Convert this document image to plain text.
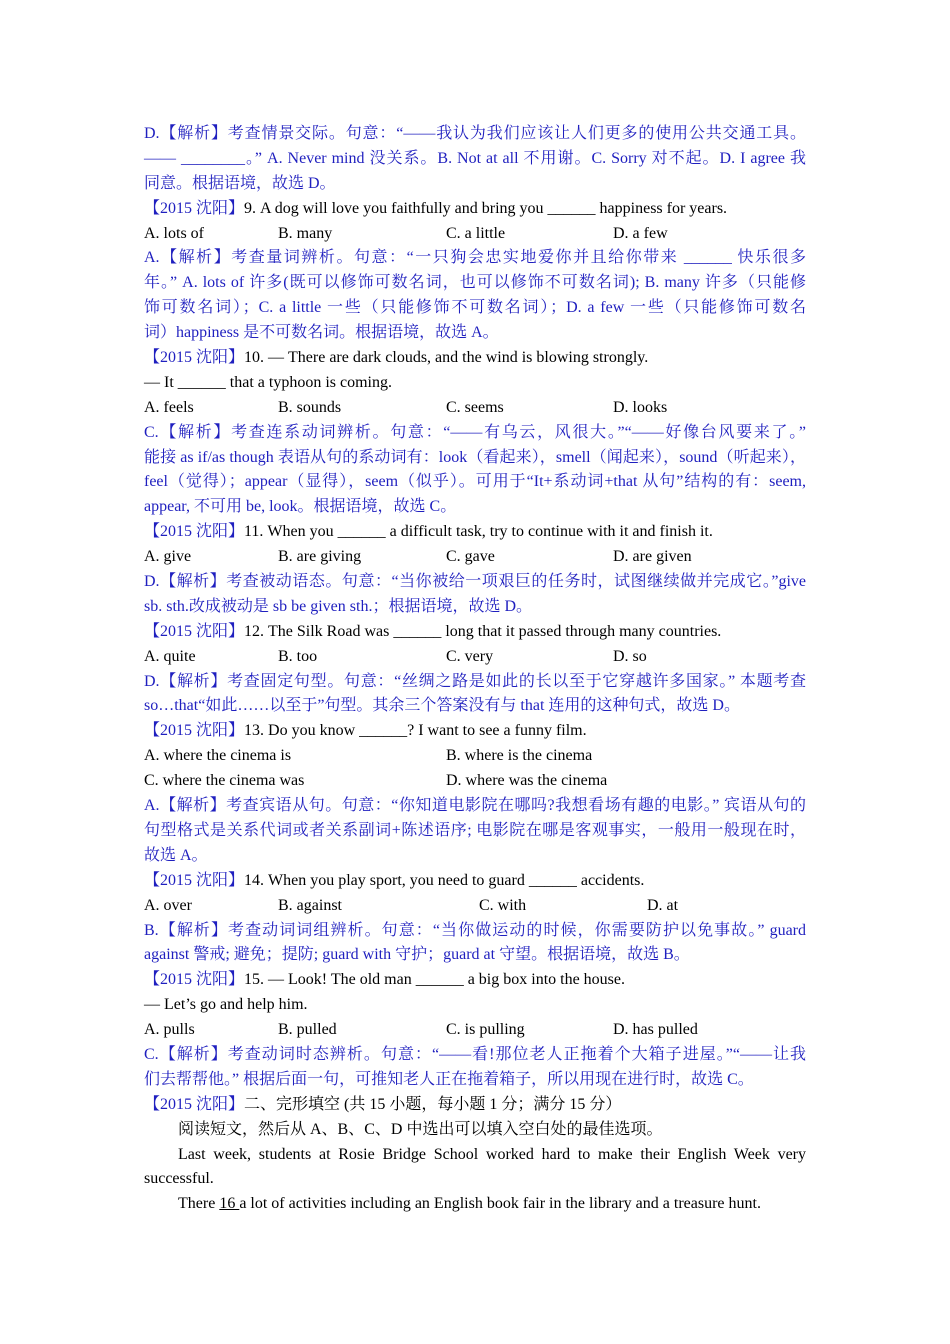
D.【解析】考查情景交际。句意：“——我认为我们应该让人们更多的使用公共交通工具。
—— ________。” A. Never mind 没关系。B. Not at all 不用谢。C. Sorry 对不起。D. I agree 我
同意。根据语境，故选 D。
【2015 沈阳】9. A dog will love you faithfully and bring you ______ happiness for years.
A. lots of	B. many	C. a little	D. a few
A.【解析】考查量词辨析。句意：“一只狗会忠实地爱你并且给你带来 ______ 快乐很多
年。” A. lots of 许多(既可以修饰可数名词，也可以修饰不可数名词); B. many 许多（只能修
饰可数名词）；C. a little 一些（只能修饰不可数名词）；D. a few 一些（只能修饰可数名
词）happiness 是不可数名词。根据语境，故选 A。
【2015 沈阳】10. — There are dark clouds, and the wind is blowing strongly.
— It ______ that a typhoon is coming.
A. feels	B. sounds	C. seems	D. looks
C.【解析】考查连系动词辨析。句意：“——有乌云，风很大。”“——好像台风要来了。”
能接 as if/as though 表语从句的系动词有：look（看起来），smell（闻起来），sound（听起来），
feel（觉得）；appear（显得），seem（似乎）。可用于“It+系动词+that 从句”结构的有：seem,
appear, 不可用 be, look。根据语境，故选 C。
【2015 沈阳】11. When you ______ a difficult task, try to continue with it and finish it.
A. give	B. are giving	C. gave	D. are given
D.【解析】考查被动语态。句意：“当你被给一项艰巨的任务时，试图继续做并完成它。”give
sb. sth.改成被动是 sb be given sth.；根据语境，故选 D。
【2015 沈阳】12. The Silk Road was ______ long that it passed through many countries.
A. quite	B. too	C. very	D. so
D.【解析】考查固定句型。句意：“丝绸之路是如此的长以至于它穿越许多国家。” 本题考查
so…that“如此……以至于”句型。其余三个答案没有与 that 连用的这种句式，故选 D。
【2015 沈阳】13. Do you know ______? I want to see a funny film.
A. where the cinema is	B. where is the cinema
C. where the cinema was	D. where was the cinema
A.【解析】考查宾语从句。句意：“你知道电影院在哪吗?我想看场有趣的电影。” 宾语从句的
句型格式是关系代词或者关系副词+陈述语序; 电影院在哪是客观事实，一般用一般现在时，
故选 A。
【2015 沈阳】14. When you play sport, you need to guard ______ accidents.
A. over	B. against	C. with	D. at
B.【解析】考查动词词组辨析。句意：“当你做运动的时候，你需要防护以免事故。” guard
against 警戒; 避免；提防; guard with 守护；guard at 守望。根据语境，故选 B。
【2015 沈阳】15. — Look! The old man ______ a big box into the house.
— Let’s go and help him.
A. pulls	B. pulled	C. is pulling	D. has pulled
C.【解析】考查动词时态辨析。句意：“——看!那位老人正拖着个大箱子进屋。”“——让我
们去帮帮他。” 根据后面一句，可推知老人正在拖着箱子，所以用现在进行时，故选 C。
【2015 沈阳】二、完形填空 (共 15 小题，每小题 1 分；满分 15 分）
阅读短文，然后从 A、B、C、D 中选出可以填入空白处的最佳选项。
Last week, students at Rosie Bridge School worked hard to make their English Week very
successful.
There 16 a lot of activities including an English book fair in the library and a treasure hunt.
